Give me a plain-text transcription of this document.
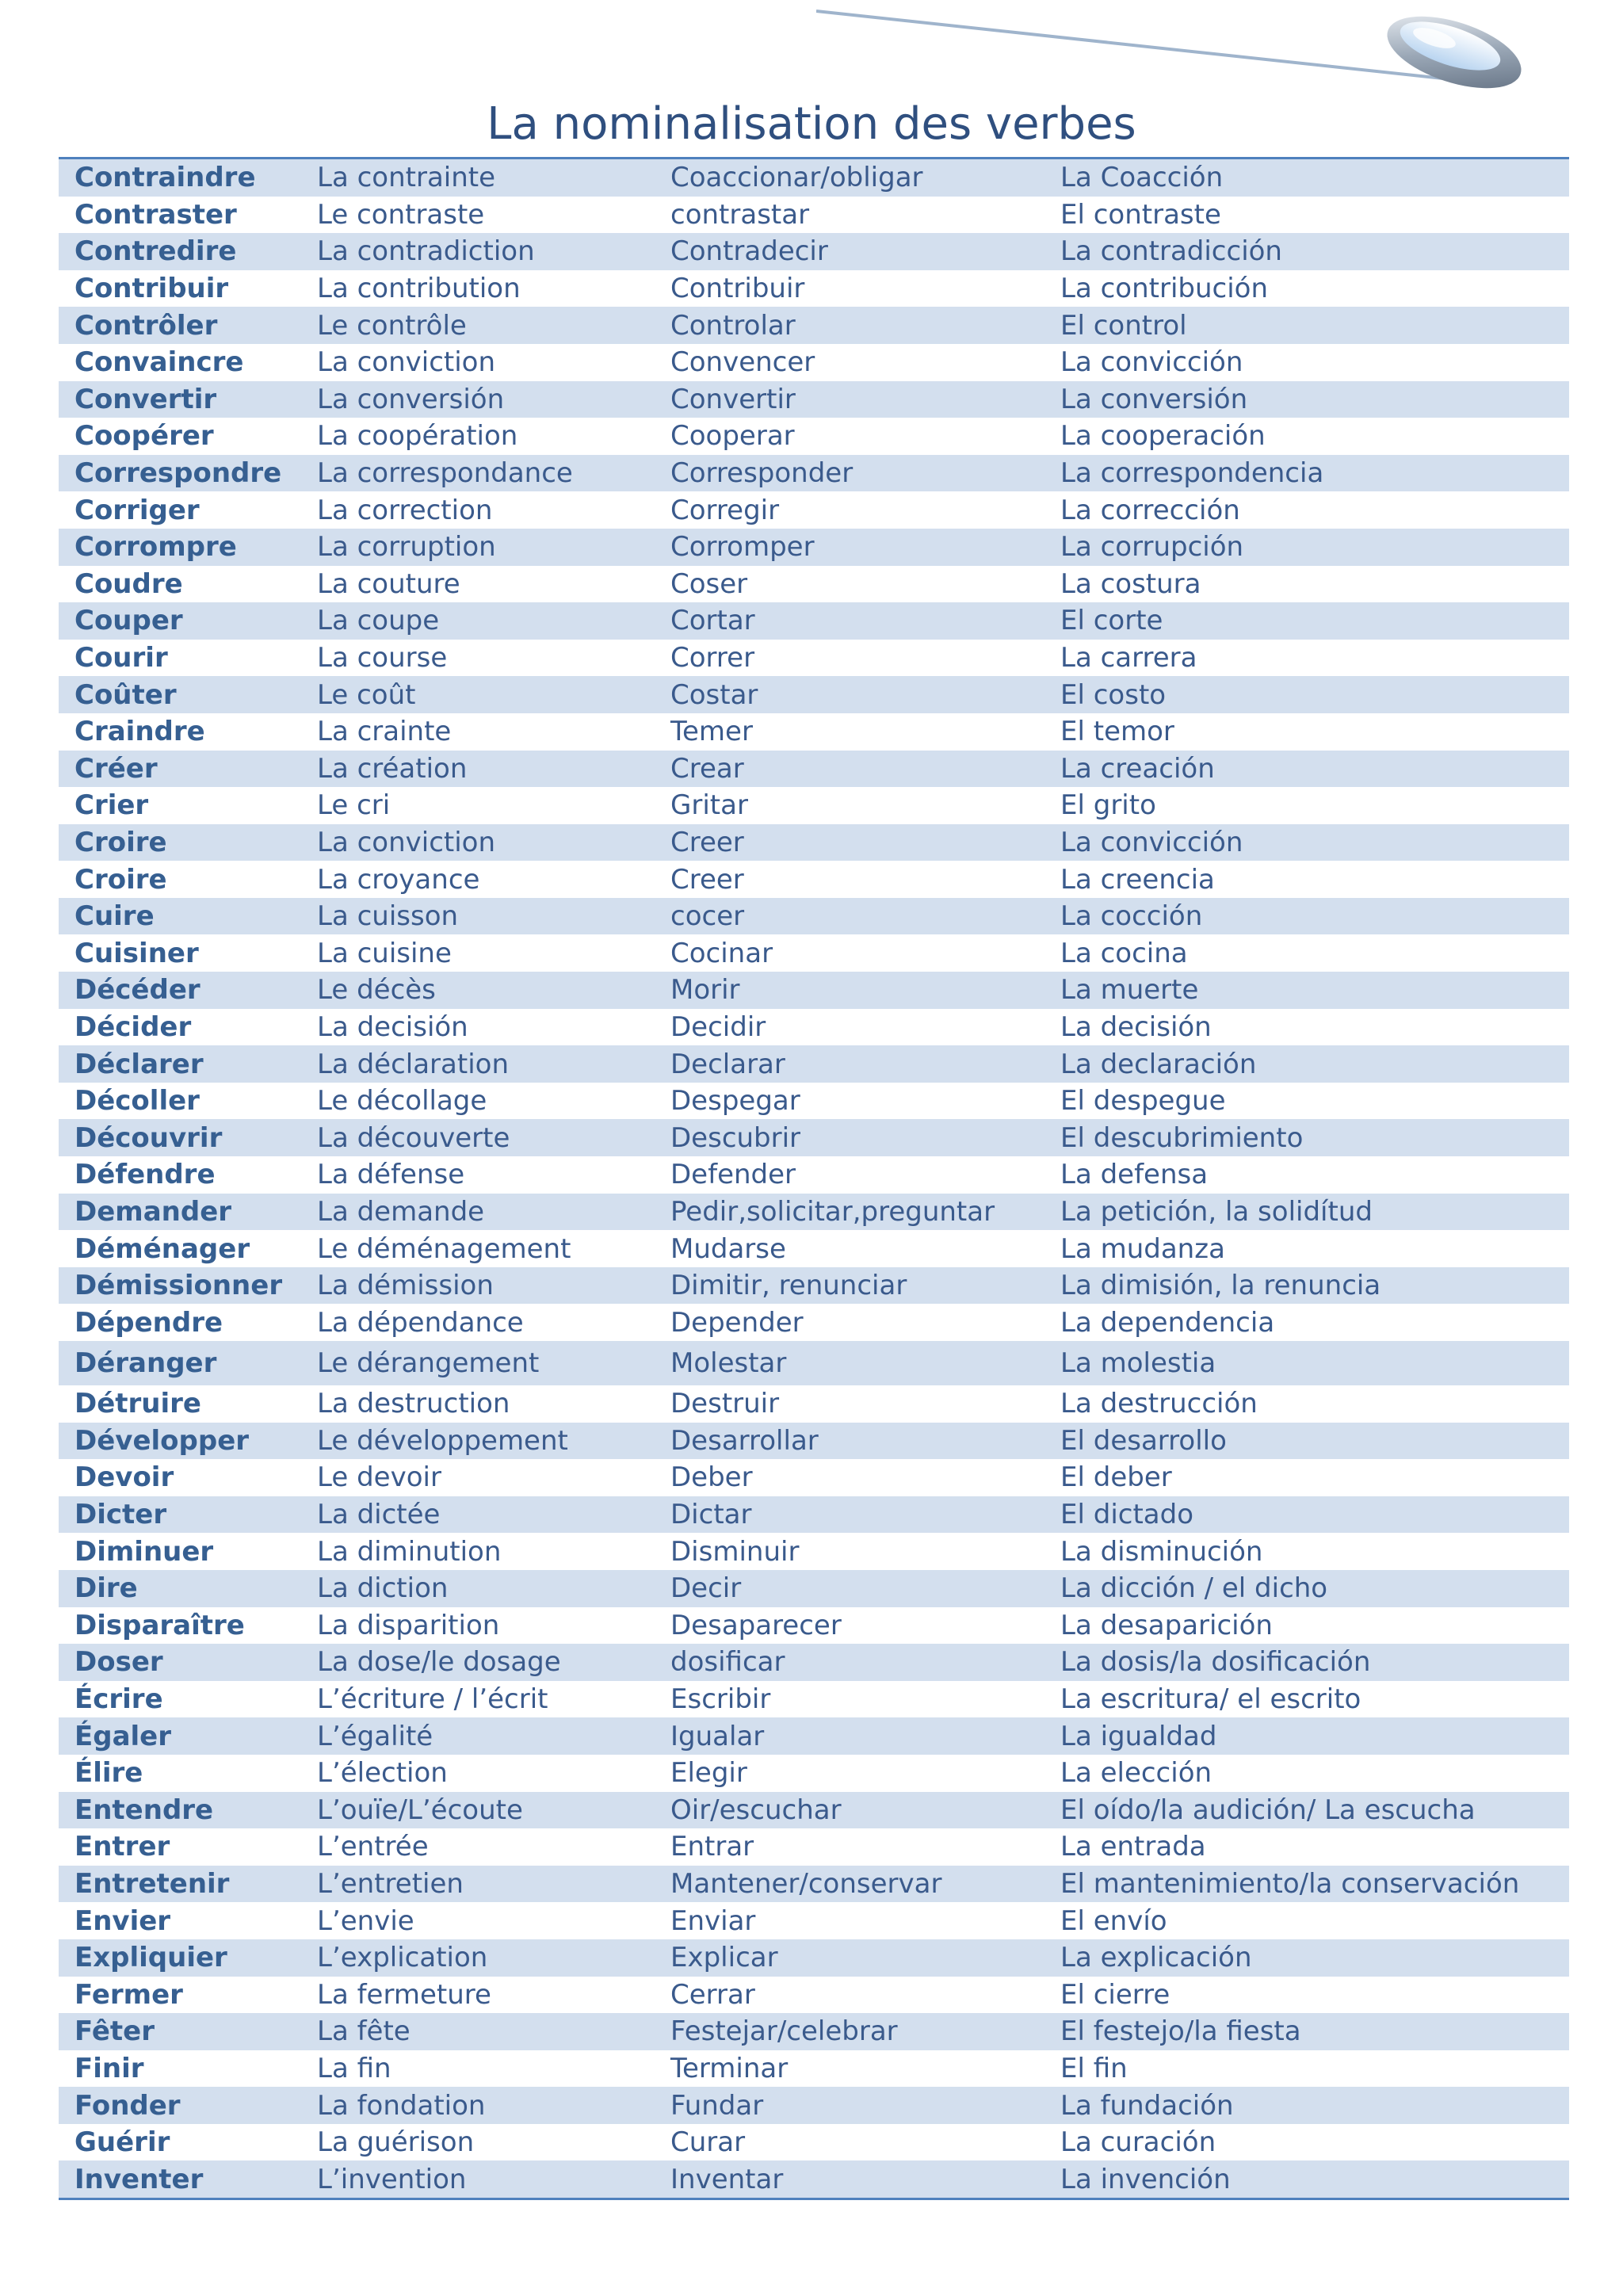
La nominalisation des verbes
Contraindre	La contrainte	Coaccionar/obligar	La Coacción
Contraster	Le contraste	contrastar	El contraste
Contredire	La contradiction	Contradecir	La contradicción
Contribuir	La contribution	Contribuir	La contribución
Contrôler	Le contrôle	Controlar	El control
Convaincre	La conviction	Convencer	La convicción
Convertir	La conversión	Convertir	La conversión
Coopérer	La coopération	Cooperar	La cooperación
Correspondre	La correspondance	Corresponder	La correspondencia
Corriger	La correction	Corregir	La corrección
Corrompre	La corruption	Corromper	La corrupción
Coudre	La couture	Coser	La costura
Couper	La coupe	Cortar	El corte
Courir	La course	Correr	La carrera
Coûter	Le coût	Costar	El costo
Craindre	La crainte	Temer	El temor
Créer	La création	Crear	La creación
Crier	Le cri	Gritar	El grito
Croire	La conviction	Creer	La convicción
Croire	La croyance	Creer	La creencia
Cuire	La cuisson	cocer	La cocción
Cuisiner	La cuisine	Cocinar	La cocina
Décéder	Le décès	Morir	La muerte
Décider	La decisión	Decidir	La decisión
Déclarer	La déclaration	Declarar	La declaración
Décoller	Le décollage	Despegar	El despegue
Découvrir	La découverte	Descubrir	El descubrimiento
Défendre	La défense	Defender	La defensa
Demander	La demande	Pedir,solicitar,preguntar	La petición, la solidítud
Déménager	Le déménagement	Mudarse	La mudanza
Démissionner	La démission	Dimitir, renunciar	La dimisión, la renuncia
Dépendre	La dépendance	Depender	La dependencia
Déranger	Le dérangement	Molestar	La molestia
Détruire	La destruction	Destruir	La destrucción
Développer	Le développement	Desarrollar	El desarrollo
Devoir	Le devoir	Deber	El deber
Dicter	La dictée	Dictar	El dictado
Diminuer	La diminution	Disminuir	La disminución
Dire	La diction	Decir	La dicción / el dicho
Disparaître	La disparition	Desaparecer	La desaparición
Doser	La dose/le dosage	dosificar	La dosis/la dosificación
Écrire	L’écriture / l’écrit	Escribir	La escritura/ el escrito
Égaler	L’égalité	Igualar	La igualdad
Élire	L’élection	Elegir	La elección
Entendre	L’ouïe/L’écoute	Oir/escuchar	El oído/la audición/ La escucha
Entrer	L’entrée	Entrar	La entrada
Entretenir	L’entretien	Mantener/conservar	El mantenimiento/la conservación
Envier	L’envie	Enviar	El envío
Expliquier	L’explication	Explicar	La explicación
Fermer	La fermeture	Cerrar	El cierre
Fêter	La fête	Festejar/celebrar	El festejo/la fiesta
Finir	La fin	Terminar	El fin
Fonder	La fondation	Fundar	La fundación
Guérir	La guérison	Curar	La curación
Inventer	L’invention	Inventar	La invención
